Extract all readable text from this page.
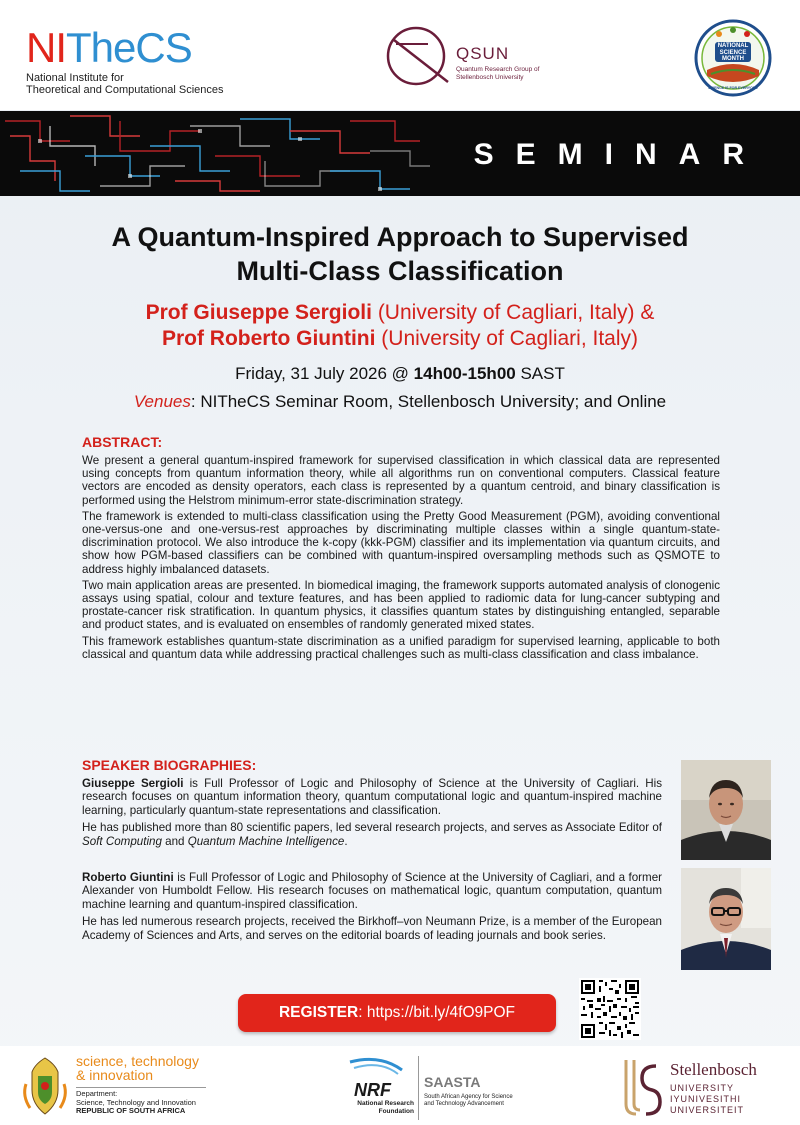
NITheCS
National Institute for
Theoretical and Computational Sciences
QSUN
Quantum Research Group of Stellenbosch University
NATIONAL SCIENCE MONTH
SCIENCE IS FOR EVERYONE
SEMINAR
A Quantum-Inspired Approach to Supervised
Multi-Class Classification
Prof Giuseppe Sergioli (University of Cagliari, Italy) &
Prof Roberto Giuntini (University of Cagliari, Italy)
Friday, 31 July 2026 @ 14h00-15h00 SAST
Venues: NITheCS Seminar Room, Stellenbosch University; and Online
ABSTRACT:

We present a general quantum-inspired framework for supervised classification in which classical data are represented using concepts from quantum information theory, while all algorithms run on conventional computers. Classical feature vectors are encoded as density operators, each class is represented by a quantum centroid, and binary classification is performed using the Helstrom minimum-error state-discrimination strategy.

The framework is extended to multi-class classification using the Pretty Good Measurement (PGM), avoiding conventional one-versus-one and one-versus-rest approaches by discriminating multiple classes within a single quantum-state-discrimination protocol. We also introduce the k-copy (kkk-PGM) classifier and its implementation via quantum circuits, and show how PGM-based classifiers can be combined with quantum-inspired oversampling methods such as QSMOTE to address highly imbalanced datasets.

Two main application areas are presented. In biomedical imaging, the framework supports automated analysis of clonogenic assays using spatial, colour and texture features, and has been applied to radiomic data for lung-cancer subtyping and prostate-cancer risk stratification. In quantum physics, it classifies quantum states by distinguishing entangled, separable and product states, and is evaluated on ensembles of randomly generated mixed states.

This framework establishes quantum-state discrimination as a unified paradigm for supervised learning, applicable to both classical and quantum data while addressing practical challenges such as multi-class classification and class imbalance.

SPEAKER BIOGRAPHIES:

Giuseppe Sergioli is Full Professor of Logic and Philosophy of Science at the University of Cagliari. His research focuses on quantum information theory, quantum computational logic and quantum-inspired machine learning, particularly quantum-state representations and classification.

He has published more than 80 scientific papers, led several research projects, and serves as Associate Editor of Soft Computing and Quantum Machine Intelligence.

Roberto Giuntini is Full Professor of Logic and Philosophy of Science at the University of Cagliari, and a former Alexander von Humboldt Fellow. His research focuses on mathematical logic, quantum computation, quantum machine learning and quantum-inspired classification.

He has led numerous research projects, received the Birkhoff–von Neumann Prize, is a member of the European Academy of Sciences and Arts, and serves on the editorial boards of leading journals and book series.

REGISTER: https://bit.ly/4fO9POF
science, technology
& innovation
Department:
Science, Technology and Innovation
REPUBLIC OF SOUTH AFRICA
NRF
National Research Foundation
SAASTA
South African Agency for Science and Technology Advancement
Stellenbosch
UNIVERSITY
IYUNIVESITHI
UNIVERSITEIT
